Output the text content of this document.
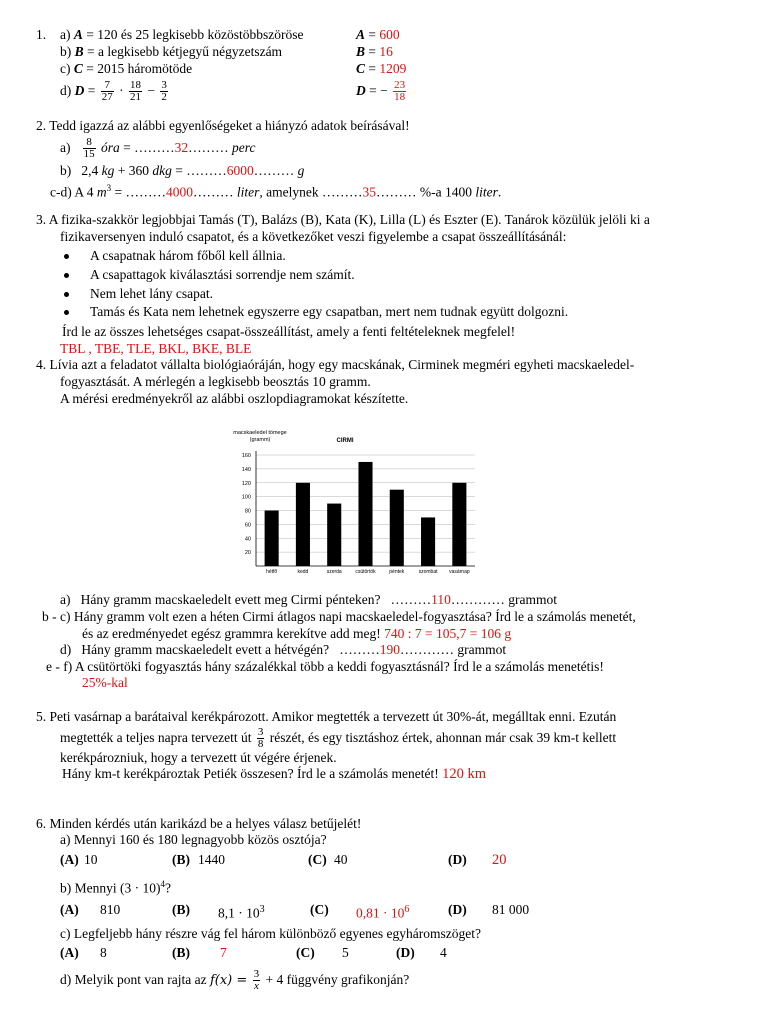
1. a) A = 120 és 25 legkisebb közöstöbbszöröse	A = 600
b) B = a legkisebb kétjegyű négyzetszám	B = 16
c) C = 2015 háromötöde	C = 1209
d) $D = \frac{7}{27} \cdot \frac{18}{21} - \frac{3}{2}$	D = − $\frac{23}{18}$
2. Tedd igazzá az alábbi egyenlőségeket a hiányzó adatok beírásával!
$a) \frac{8}{15}$ óra = ………32……… perc
b) 2,4 kg + 360 dkg = ………6000……… g
c-d) A 4 $m^3$ = ………4000……… liter, amelynek ………35……… %-a 1400 liter.
3. A fizika-szakkör legjobbjai Tamás (T), Balázs (B), Kata (K), Lilla (L) és Eszter (E). Tanárok közülük jelöli ki a
fizikaversenyen induló csapatot, és a következőket veszi figyelembe a csapat összeállításánál:
A csapatnak három főből kell állnia.
A csapattagok kiválasztási sorrendje nem számít.
Nem lehet lány csapat.
Tamás és Kata nem lehetnek egyszerre egy csapatban, mert nem tudnak együtt dolgozni.
Írd le az összes lehetséges csapat-összeállítást, amely a fenti feltételeknek megfelel!
TBL , TBE, TLE, BKL, BKE, BLE
4. Lívia azt a feladatot vállalta biológiaóráján, hogy egy macskának, Cirminek megméri egyheti macskaeledel-
fogyasztását. A mérlegén a legkisebb beosztás 10 gramm.
A mérési eredményekről az alábbi oszlopdiagramokat készítette.
macskaeledel tömege
(gramm)	CIRMI
20
40
60
80
100
120
140
160
hétfő	kedd	szerda	csütörtök	péntek	szombat vasárnap
a) Hány gramm macskaeledelt evett meg Cirmi pénteken? ………110………… grammot
b - c) Hány gramm volt ezen a héten Cirmi átlagos napi macskaeledel-fogyasztása? Írd le a számolás menetét,
és az eredményedet egész grammra kerekítve add meg! 740 : 7 = 105,7 = 106 g
d) Hány gramm macskaeledelt evett a hétvégén? ………190………… grammot
e - f) A csütörtöki fogyasztás hány százalékkal több a keddi fogyasztásnál? Írd le a számolás menetétis!
25%-kal
5. Peti vasárnap a barátaival kerékpározott. Amikor megtették a tervezett út 30%-át, megálltak enni. Ezután
megtették a teljes napra tervezett út $\frac{3}{8}$ részét, és egy tisztáshoz értek, ahonnan már csak 39 km-t kellett
kerékpározniuk, hogy a tervezett út végére érjenek.
Hány km-t kerékpároztak Petiék összesen? Írd le a számolás menetét! 120 km
6. Minden kérdés után karikázd be a helyes válasz betűjelét!
a) Mennyi 160 és 180 legnagyobb közös osztója?
(A) 10	(B) 1440	(C) 40	(D) 20
b) Mennyi $(3 \cdot 10)^4$?
(A) 810	(B) $8,1 \cdot 10^3$	(C) $0,81 \cdot 10^6$	(D) 81 000
c) Legfeljebb hány részre vág fel három különböző egyenes egyháromszöget?
(A) 8	(B) 7	(C) 5	(D) 4
d) Melyik pont van rajta az $f(x) = \frac{3}{x} + 4$ függvény grafikonján?
